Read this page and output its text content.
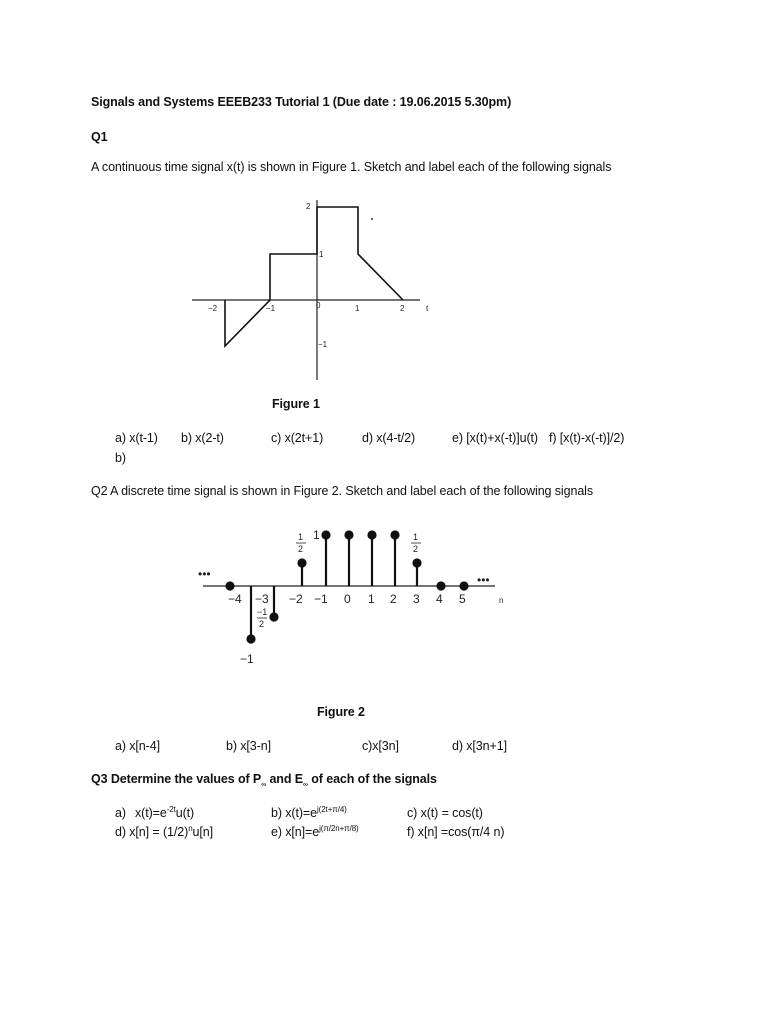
Signals and Systems EEEB233 Tutorial 1 (Due date : 19.06.2015 5.30pm)
Q1
A continuous time signal x(t) is shown in Figure 1. Sketch and label each of the following signals
−2	−1	0	1	2	t
2
1
−1
Figure 1
a) x(t-1) b) x(2-t)	c) x(2t+1)	d) x(4-t/2)	e) [x(t)+x(-t)]u(t) f) [x(t)-x(-t)]/2)
b)
Q2 A discrete time signal is shown in Figure 2. Sketch and label each of the following signals
•••	•••
−4 −3 −2 −1 0 1 2 3 4 5	n
−1
1
1
2
1
2
−1
2
Figure 2
a) x[n-4]	b) x[3-n]	c)x[3n]	d) x[3n+1]
Q3 Determine the values of $P_\infty$ and $E_\infty$ of each of the signals
a) $x(t)=e^{-2t}u(t)$	b) $x(t)=e^{j(2t+\pi/4)}$	c) x(t) = cos(t)
d) $x[n] = (1/2)^nu[n]$	e) $x[n]=e^{j(\pi/2n+\pi/8)}$	f) x[n] =cos(π/4 n)
